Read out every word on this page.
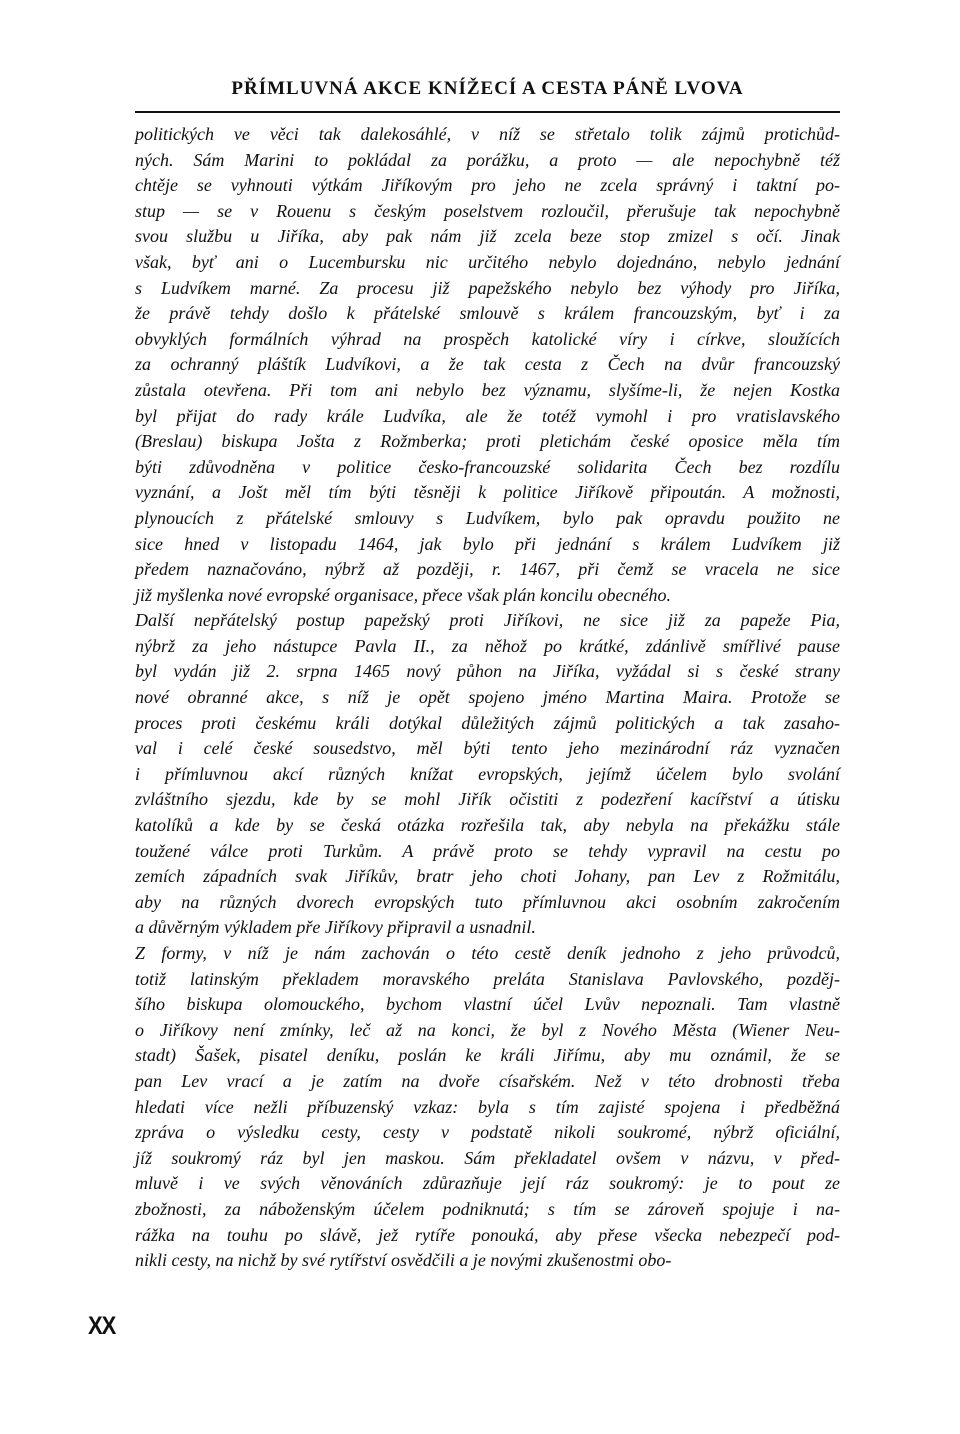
PŘÍMLUVNÁ AKCE KNÍŽECÍ A CESTA PÁNĚ LVOVA
politických ve věci tak dalekosáhlé, v níž se střetalo tolik zájmů protichůd-
ných. Sám Marini to pokládal za porážku, a proto — ale nepochybně též
chtěje se vyhnouti výtkám Jiříkovým pro jeho ne zcela správný i taktní po-
stup — se v Rouenu s českým poselstvem rozloučil, přerušuje tak nepochybně
svou službu u Jiříka, aby pak nám již zcela beze stop zmizel s očí. Jinak
však, byť ani o Lucembursku nic určitého nebylo dojednáno, nebylo jednání
s Ludvíkem marné. Za procesu již papežského nebylo bez výhody pro Jiříka,
že právě tehdy došlo k přátelské smlouvě s králem francouzským, byť i za
obvyklých formálních výhrad na prospěch katolické víry i církve, sloužících
za ochranný pláštík Ludvíkovi, a že tak cesta z Čech na dvůr francouzský
zůstala otevřena. Při tom ani nebylo bez významu, slyšíme-li, že nejen Kostka
byl přijat do rady krále Ludvíka, ale že totéž vymohl i pro vratislavského
(Breslau) biskupa Jošta z Rožmberka; proti pletichám české oposice měla tím
býti zdůvodněna v politice česko-francouzské solidarita Čech bez rozdílu
vyznání, a Jošt měl tím býti těsněji k politice Jiříkově připoután. A možnosti,
plynoucích z přátelské smlouvy s Ludvíkem, bylo pak opravdu použito ne
sice hned v listopadu 1464, jak bylo při jednání s králem Ludvíkem již
předem naznačováno, nýbrž až později, r. 1467, při čemž se vracela ne sice
již myšlenka nové evropské organisace, přece však plán koncilu obecného.
Další nepřátelský postup papežský proti Jiříkovi, ne sice již za papeže Pia,
nýbrž za jeho nástupce Pavla II., za něhož po krátké, zdánlivě smířlivé pause
byl vydán již 2. srpna 1465 nový půhon na Jiříka, vyžádal si s české strany
nové obranné akce, s níž je opět spojeno jméno Martina Maira. Protože se
proces proti českému králi dotýkal důležitých zájmů politických a tak zasaho-
val i celé české sousedstvo, měl býti tento jeho mezinárodní ráz vyznačen
i přímluvnou akcí různých knížat evropských, jejímž účelem bylo svolání
zvláštního sjezdu, kde by se mohl Jiřík očistiti z podezření kacířství a útisku
katolíků a kde by se česká otázka rozřešila tak, aby nebyla na překážku stále
toužené válce proti Turkům. A právě proto se tehdy vypravil na cestu po
zemích západních svak Jiříkův, bratr jeho choti Johany, pan Lev z Rožmitálu,
aby na různých dvorech evropských tuto přímluvnou akci osobním zakročením
a důvěrným výkladem pře Jiříkovy připravil a usnadnil.
Z formy, v níž je nám zachován o této cestě deník jednoho z jeho průvodců,
totiž latinským překladem moravského preláta Stanislava Pavlovského, pozděj-
šího biskupa olomouckého, bychom vlastní účel Lvův nepoznali. Tam vlastně
o Jiříkovy není zmínky, leč až na konci, že byl z Nového Města (Wiener Neu-
stadt) Šašek, pisatel deníku, poslán ke králi Jiřímu, aby mu oznámil, že se
pan Lev vrací a je zatím na dvoře císařském. Než v této drobnosti třeba
hledati více nežli příbuzenský vzkaz: byla s tím zajisté spojena i předběžná
zpráva o výsledku cesty, cesty v podstatě nikoli soukromé, nýbrž oficiální,
jíž soukromý ráz byl jen maskou. Sám překladatel ovšem v názvu, v před-
mluvě i ve svých věnováních zdůrazňuje její ráz soukromý: je to pout ze
zbožnosti, za náboženským účelem podniknutá; s tím se zároveň spojuje i na-
rážka na touhu po slávě, jež rytíře ponouká, aby přese všecka nebezpečí pod-
nikli cesty, na nichž by své rytířství osvědčili a je novými zkušenostmi obo-
XX
